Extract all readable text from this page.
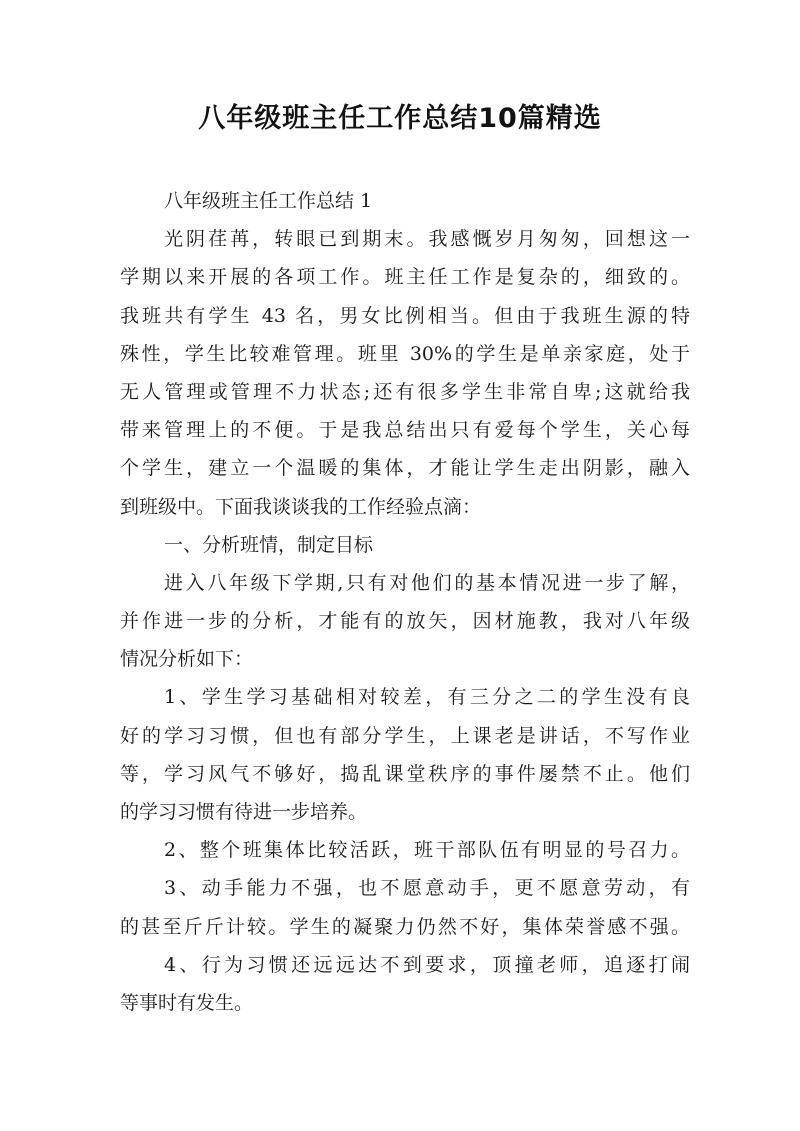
八年级班主任工作总结10篇精选
八年级班主任工作总结 1
光阴荏苒，转眼已到期末。我感慨岁月匆匆，回想这一
学期以来开展的各项工作。班主任工作是复杂的，细致的。
我班共有学生 43 名，男女比例相当。但由于我班生源的特
殊性，学生比较难管理。班里 30%的学生是单亲家庭，处于
无人管理或管理不力状态;还有很多学生非常自卑;这就给我
带来管理上的不便。于是我总结出只有爱每个学生，关心每
个学生，建立一个温暖的集体，才能让学生走出阴影，融入
到班级中。下面我谈谈我的工作经验点滴：
一、分析班情，制定目标
进入八年级下学期,只有对他们的基本情况进一步了解，
并作进一步的分析，才能有的放矢，因材施教，我对八年级
情况分析如下：
1、学生学习基础相对较差，有三分之二的学生没有良
好的学习习惯，但也有部分学生，上课老是讲话，不写作业
等，学习风气不够好，捣乱课堂秩序的事件屡禁不止。他们
的学习习惯有待进一步培养。
2、整个班集体比较活跃，班干部队伍有明显的号召力。
3、动手能力不强，也不愿意动手，更不愿意劳动，有
的甚至斤斤计较。学生的凝聚力仍然不好，集体荣誉感不强。
4、行为习惯还远远达不到要求，顶撞老师，追逐打闹
等事时有发生。
